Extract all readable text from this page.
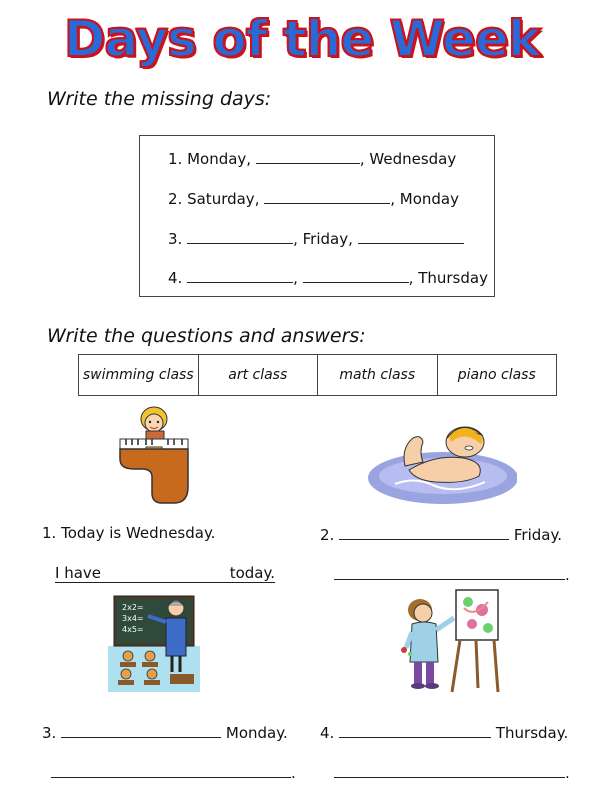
Days of the Week
Write the missing days:
1. Monday,	, Wednesday
2. Saturday,	, Monday
3.	, Friday,
4.	,	, Thursday
Write the questions and answers:
swimming class	art class	math class	piano class
2x2=
3x4=
4x5=
1. Today is Wednesday.
I have	today.
2.	Friday.
.
3.	Monday.
.
4.	Thursday.
.
